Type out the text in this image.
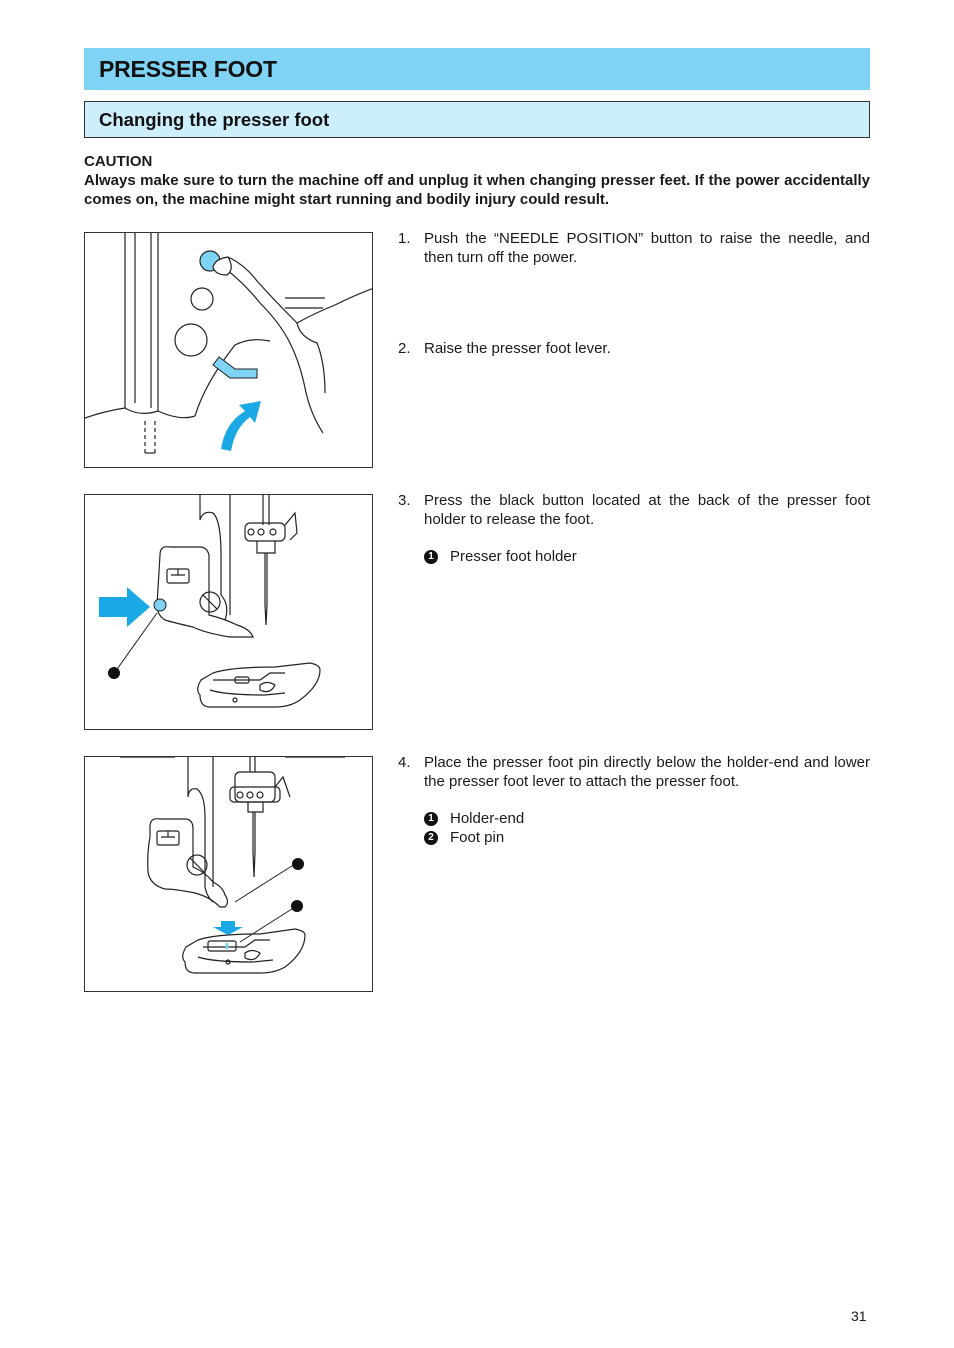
PRESSER FOOT
Changing the presser foot
CAUTION
Always make sure to turn the machine off and unplug it when changing presser feet. If the power accidentally comes on, the machine might start running and bodily injury could result.
1. Push the “NEEDLE POSITION” button to raise the needle, and then turn off the power.
2. Raise the presser foot lever.
3. Press the black button located at the back of the presser foot holder to release the foot.
1 Presser foot holder
4. Place the presser foot pin directly below the holder-end and lower the presser foot lever to attach the presser foot.
1 Holder-end
2 Foot pin
31
